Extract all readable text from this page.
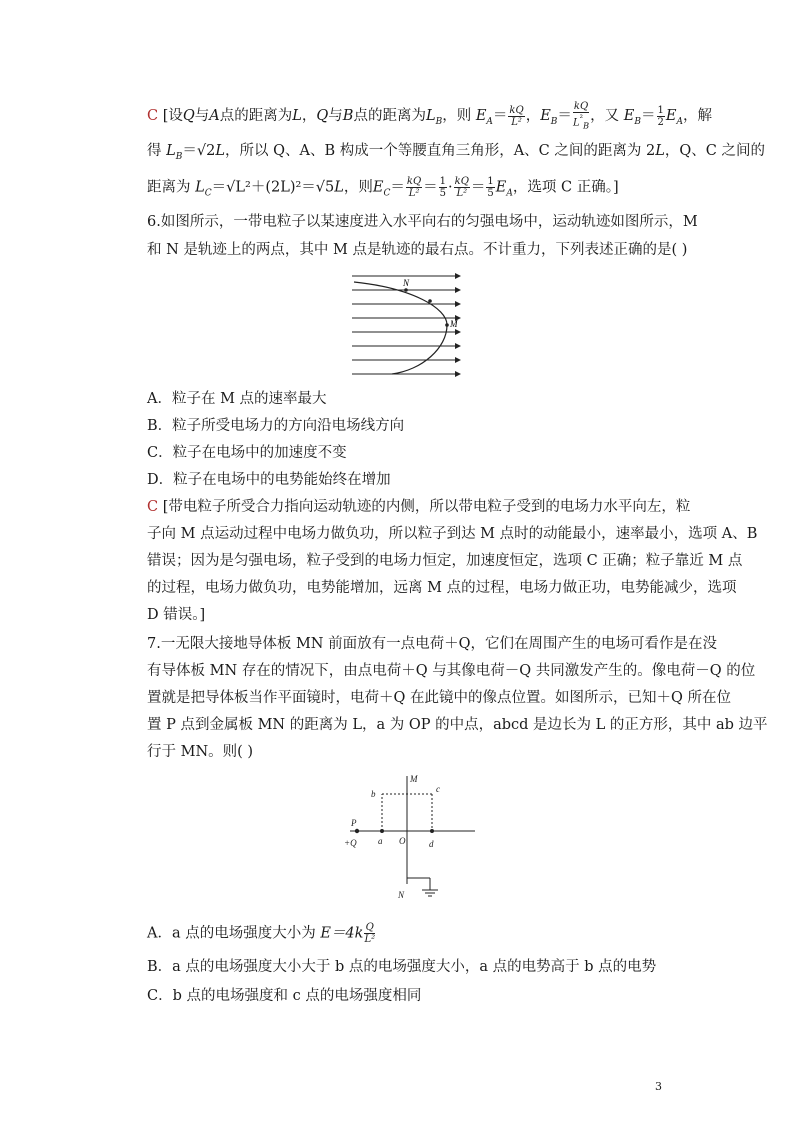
C [设Q与A点的距离为L，Q与B点的距离为$L_B$，则 $E_A= \frac{kQ}{\text{L²}}$ ，$E_B= \frac{kQ}{L^{^2}_B}$ ，又 $E_B= \frac{1}{2} E_A$，解
得 $L_B=√2L$，所以 Q、A、B 构成一个等腰直角三角形，A、C 之间的距离为 2L，Q、C 之间的
距离为 $L_C=√L^2+(2L)^2=√5L$，则$E_C= \frac{kQ}{\text{L²}} = \frac{1}{5} \cdot \frac{kQ}{\text{L²}} = \frac{1}{5} E_A$，选项 C 正确。]
6.如图所示，一带电粒子以某速度进入水平向右的匀强电场中，运动轨迹如图所示，M
和 N 是轨迹上的两点，其中 M 点是轨迹的最右点。不计重力，下列表述正确的是( )
N
M
A．粒子在 M 点的速率最大
B．粒子所受电场力的方向沿电场线方向
C．粒子在电场中的加速度不变
D．粒子在电场中的电势能始终在增加
C [带电粒子所受合力指向运动轨迹的内侧，所以带电粒子受到的电场力水平向左，粒
子向 M 点运动过程中电场力做负功，所以粒子到达 M 点时的动能最小，速率最小，选项 A、B
错误；因为是匀强电场，粒子受到的电场力恒定，加速度恒定，选项 C 正确；粒子靠近 M 点
的过程，电场力做负功，电势能增加，远离 M 点的过程，电场力做正功，电势能减少，选项
D 错误。]
7.一无限大接地导体板 MN 前面放有一点电荷＋Q，它们在周围产生的电场可看作是在没
有导体板 MN 存在的情况下，由点电荷＋Q 与其像电荷－Q 共同激发产生的。像电荷－Q 的位
置就是把导体板当作平面镜时，电荷＋Q 在此镜中的像点位置。如图所示，已知＋Q 所在位
置 P 点到金属板 MN 的距离为 L，a 为 OP 的中点，abcd 是边长为 L 的正方形，其中 ab 边平
行于 MN。则( )
M
N
P
+Q a
b	c
d
O
A．a 点的电场强度大小为 $E=4k \frac{Q}{\text{L²}}$
B．a 点的电场强度大小大于 b 点的电场强度大小，a 点的电势高于 b 点的电势
C．b 点的电场强度和 c 点的电场强度相同
3
